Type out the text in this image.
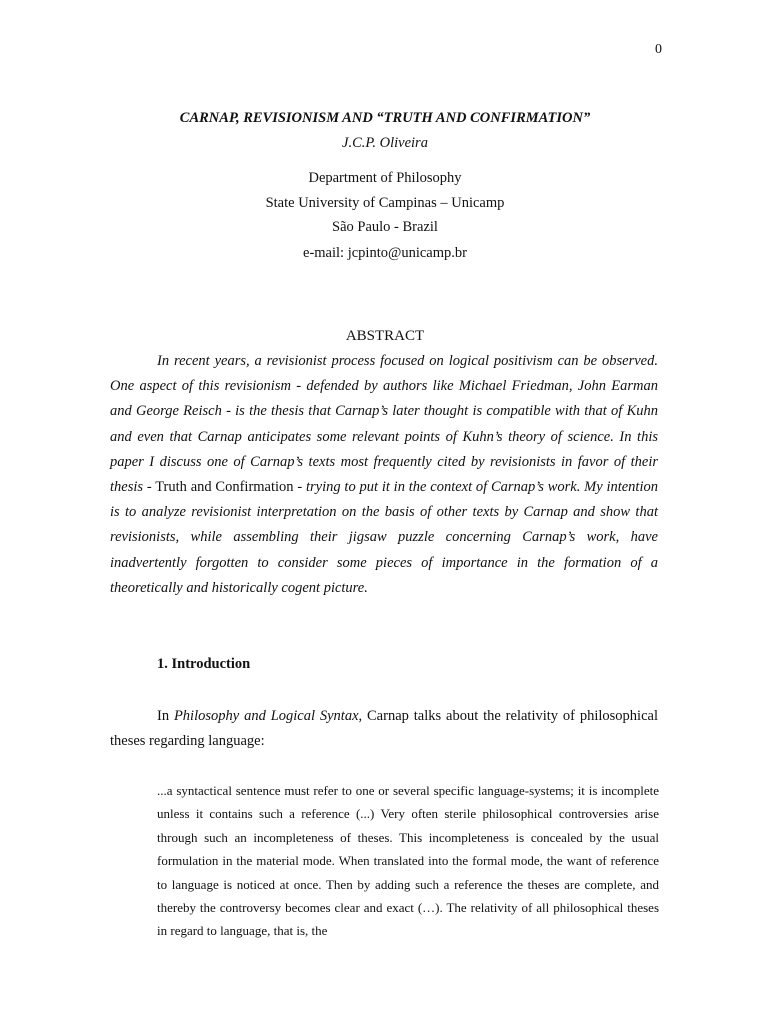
0
CARNAP, REVISIONISM AND “TRUTH AND CONFIRMATION”
J.C.P. Oliveira
Department of Philosophy
State University of Campinas – Unicamp
São Paulo - Brazil
e-mail: jcpinto@unicamp.br
ABSTRACT

In recent years, a revisionist process focused on logical positivism can be observed. One aspect of this revisionism - defended by authors like Michael Friedman, John Earman and George Reisch - is the thesis that Carnap’s later thought is compatible with that of Kuhn and even that Carnap anticipates some relevant points of Kuhn’s theory of science. In this paper I discuss one of Carnap’s texts most frequently cited by revisionists in favor of their thesis - Truth and Confirmation - trying to put it in the context of Carnap’s work. My intention is to analyze revisionist interpretation on the basis of other texts by Carnap and show that revisionists, while assembling their jigsaw puzzle concerning Carnap’s work, have inadvertently forgotten to consider some pieces of importance in the formation of a theoretically and historically cogent picture.

1. Introduction

In Philosophy and Logical Syntax, Carnap talks about the relativity of philosophical theses regarding language:

...a syntactical sentence must refer to one or several specific language-systems; it is incomplete unless it contains such a reference (...) Very often sterile philosophical controversies arise through such an incompleteness of theses. This incompleteness is concealed by the usual formulation in the material mode. When translated into the formal mode, the want of reference to language is noticed at once. Then by adding such a reference the theses are complete, and thereby the controversy becomes clear and exact (…). The relativity of all philosophical theses in regard to language, that is, the
